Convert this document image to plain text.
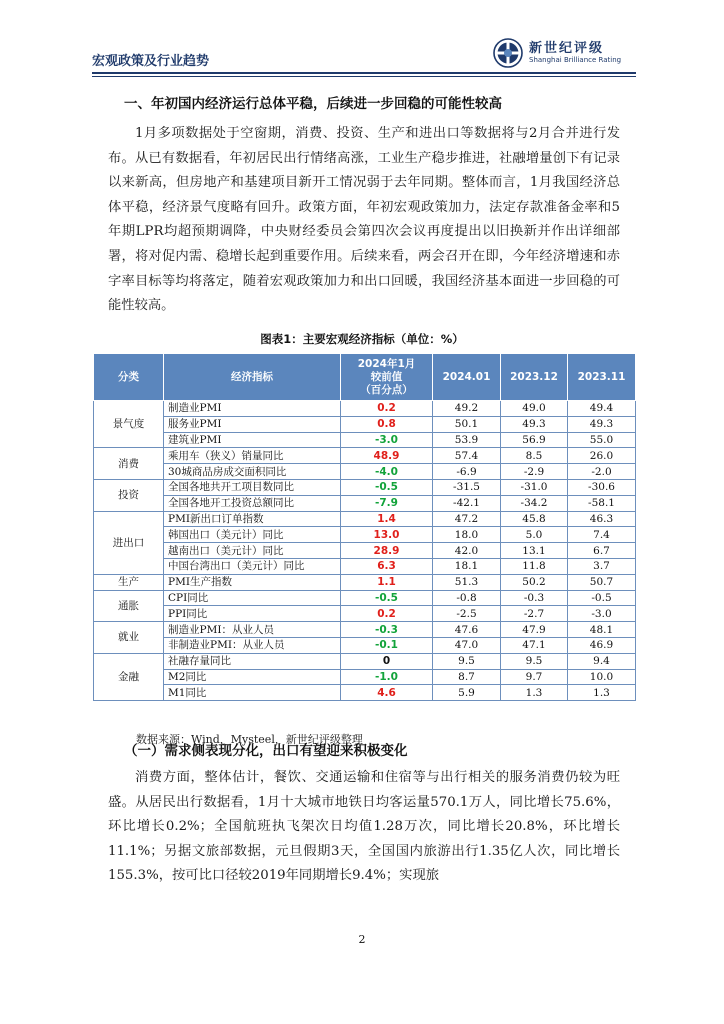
宏观政策及行业趋势
新世纪评级
Shanghai Brilliance Rating
一、年初国内经济运行总体平稳，后续进一步回稳的可能性较高
1月多项数据处于空窗期，消费、投资、生产和进出口等数据将与2月合并进行发布。从已有数据看，年初居民出行情绪高涨，工业生产稳步推进，社融增量创下有记录以来新高，但房地产和基建项目新开工情况弱于去年同期。整体而言，1月我国经济总体平稳，经济景气度略有回升。政策方面，年初宏观政策加力，法定存款准备金率和5年期LPR均超预期调降，中央财经委员会第四次会议再度提出以旧换新并作出详细部署，将对促内需、稳增长起到重要作用。后续来看，两会召开在即，今年经济增速和赤字率目标等均将落定，随着宏观政策加力和出口回暖，我国经济基本面进一步回稳的可能性较高。
图表1：主要宏观经济指标（单位：%）
分类	经济指标	2024年1月
较前值
（百分点）	2024.01	2023.12	2023.11
景气度	制造业PMI	0.2	49.2	49.0	49.4
	服务业PMI	0.8	50.1	49.3	49.3
	建筑业PMI	-3.0	53.9	56.9	55.0
消费	乘用车（狭义）销量同比	48.9	57.4	8.5	26.0
	30城商品房成交面积同比	-4.0	-6.9	-2.9	-2.0
投资	全国各地共开工项目数同比	-0.5	-31.5	-31.0	-30.6
	全国各地开工投资总额同比	-7.9	-42.1	-34.2	-58.1
进出口	PMI新出口订单指数	1.4	47.2	45.8	46.3
	韩国出口（美元计）同比	13.0	18.0	5.0	7.4
	越南出口（美元计）同比	28.9	42.0	13.1	6.7
	中国台湾出口（美元计）同比	6.3	18.1	11.8	3.7
生产	PMI生产指数	1.1	51.3	50.2	50.7
通胀	CPI同比	-0.5	-0.8	-0.3	-0.5
	PPI同比	0.2	-2.5	-2.7	-3.0
就业	制造业PMI：从业人员	-0.3	47.6	47.9	48.1
	非制造业PMI：从业人员	-0.1	47.0	47.1	46.9
金融	社融存量同比	0	9.5	9.5	9.4
	M2同比	-1.0	8.7	9.7	10.0
	M1同比	4.6	5.9	1.3	1.3
数据来源：Wind，Mysteel，新世纪评级整理
（一）需求侧表现分化，出口有望迎来积极变化
消费方面，整体估计，餐饮、交通运输和住宿等与出行相关的服务消费仍较为旺盛。从居民出行数据看，1月十大城市地铁日均客运量570.1万人，同比增长75.6%，环比增长0.2%；全国航班执飞架次日均值1.28万次，同比增长20.8%，环比增长11.1%；另据文旅部数据，元旦假期3天，全国国内旅游出行1.35亿人次，同比增长155.3%，按可比口径较2019年同期增长9.4%；实现旅
2
